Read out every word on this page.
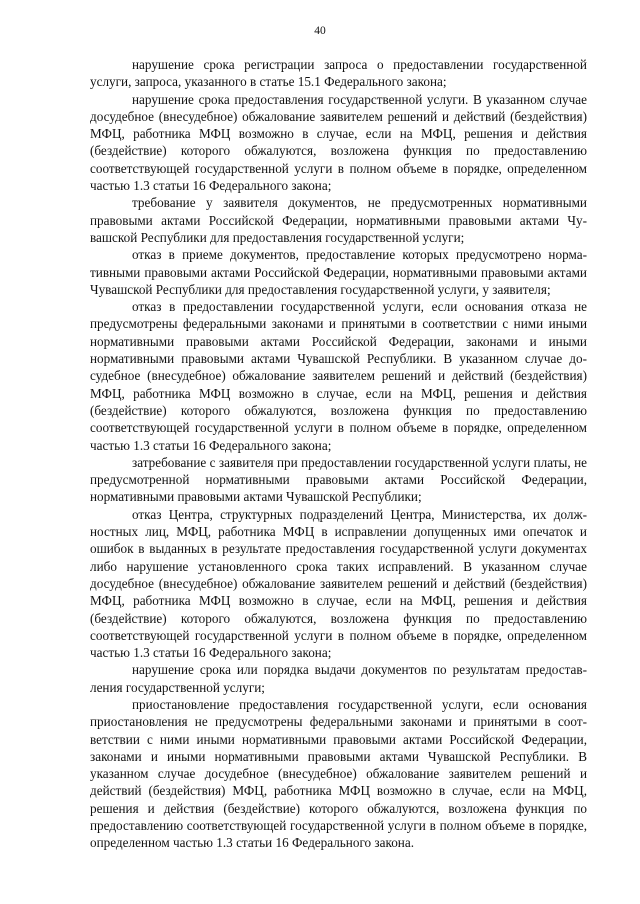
40

нарушение срока регистрации запроса о предоставлении государственной услуги, запроса, указанного в статье 15.1 Федерального закона;

нарушение срока предоставления государственной услуги. В указанном случае досудебное (внесудебное) обжалование заявителем решений и действий (бездействия) МФЦ, работника МФЦ возможно в случае, если на МФЦ, решения и действия (бездействие) которого обжалуются, возложена функция по предоставлению соответствующей государственной услуги в полном объеме в порядке, определенном частью 1.3 статьи 16 Федерального закона;

требование у заявителя документов, не предусмотренных нормативными правовыми актами Российской Федерации, нормативными правовыми актами Чувашской Республики для предоставления государственной услуги;

отказ в приеме документов, предоставление которых предусмотрено нормативными правовыми актами Российской Федерации, нормативными правовыми актами Чувашской Республики для предоставления государственной услуги, у заявителя;

отказ в предоставлении государственной услуги, если основания отказа не предусмотрены федеральными законами и принятыми в соответствии с ними иными нормативными правовыми актами Российской Федерации, законами и иными нормативными правовыми актами Чувашской Республики. В указанном случае досудебное (внесудебное) обжалование заявителем решений и действий (бездействия) МФЦ, работника МФЦ возможно в случае, если на МФЦ, решения и действия (бездействие) которого обжалуются, возложена функция по предоставлению соответствующей государственной услуги в полном объеме в порядке, определенном частью 1.3 статьи 16 Федерального закона;

затребование с заявителя при предоставлении государственной услуги платы, не предусмотренной нормативными правовыми актами Российской Федерации, нормативными правовыми актами Чувашской Республики;

отказ Центра, структурных подразделений Центра, Министерства, их должностных лиц, МФЦ, работника МФЦ в исправлении допущенных ими опечаток и ошибок в выданных в результате предоставления государственной услуги документах либо нарушение установленного срока таких исправлений. В указанном случае досудебное (внесудебное) обжалование заявителем решений и действий (бездействия) МФЦ, работника МФЦ возможно в случае, если на МФЦ, решения и действия (бездействие) которого обжалуются, возложена функция по предоставлению соответствующей государственной услуги в полном объеме в порядке, определенном частью 1.3 статьи 16 Федерального закона;

нарушение срока или порядка выдачи документов по результатам предоставления государственной услуги;

приостановление предоставления государственной услуги, если основания приостановления не предусмотрены федеральными законами и принятыми в соответствии с ними иными нормативными правовыми актами Российской Федерации, законами и иными нормативными правовыми актами Чувашской Республики. В указанном случае досудебное (внесудебное) обжалование заявителем решений и действий (бездействия) МФЦ, работника МФЦ возможно в случае, если на МФЦ, решения и действия (бездействие) которого обжалуются, возложена функция по предоставлению соответствующей государственной услуги в полном объеме в порядке, определенном частью 1.3 статьи 16 Федерального закона.
